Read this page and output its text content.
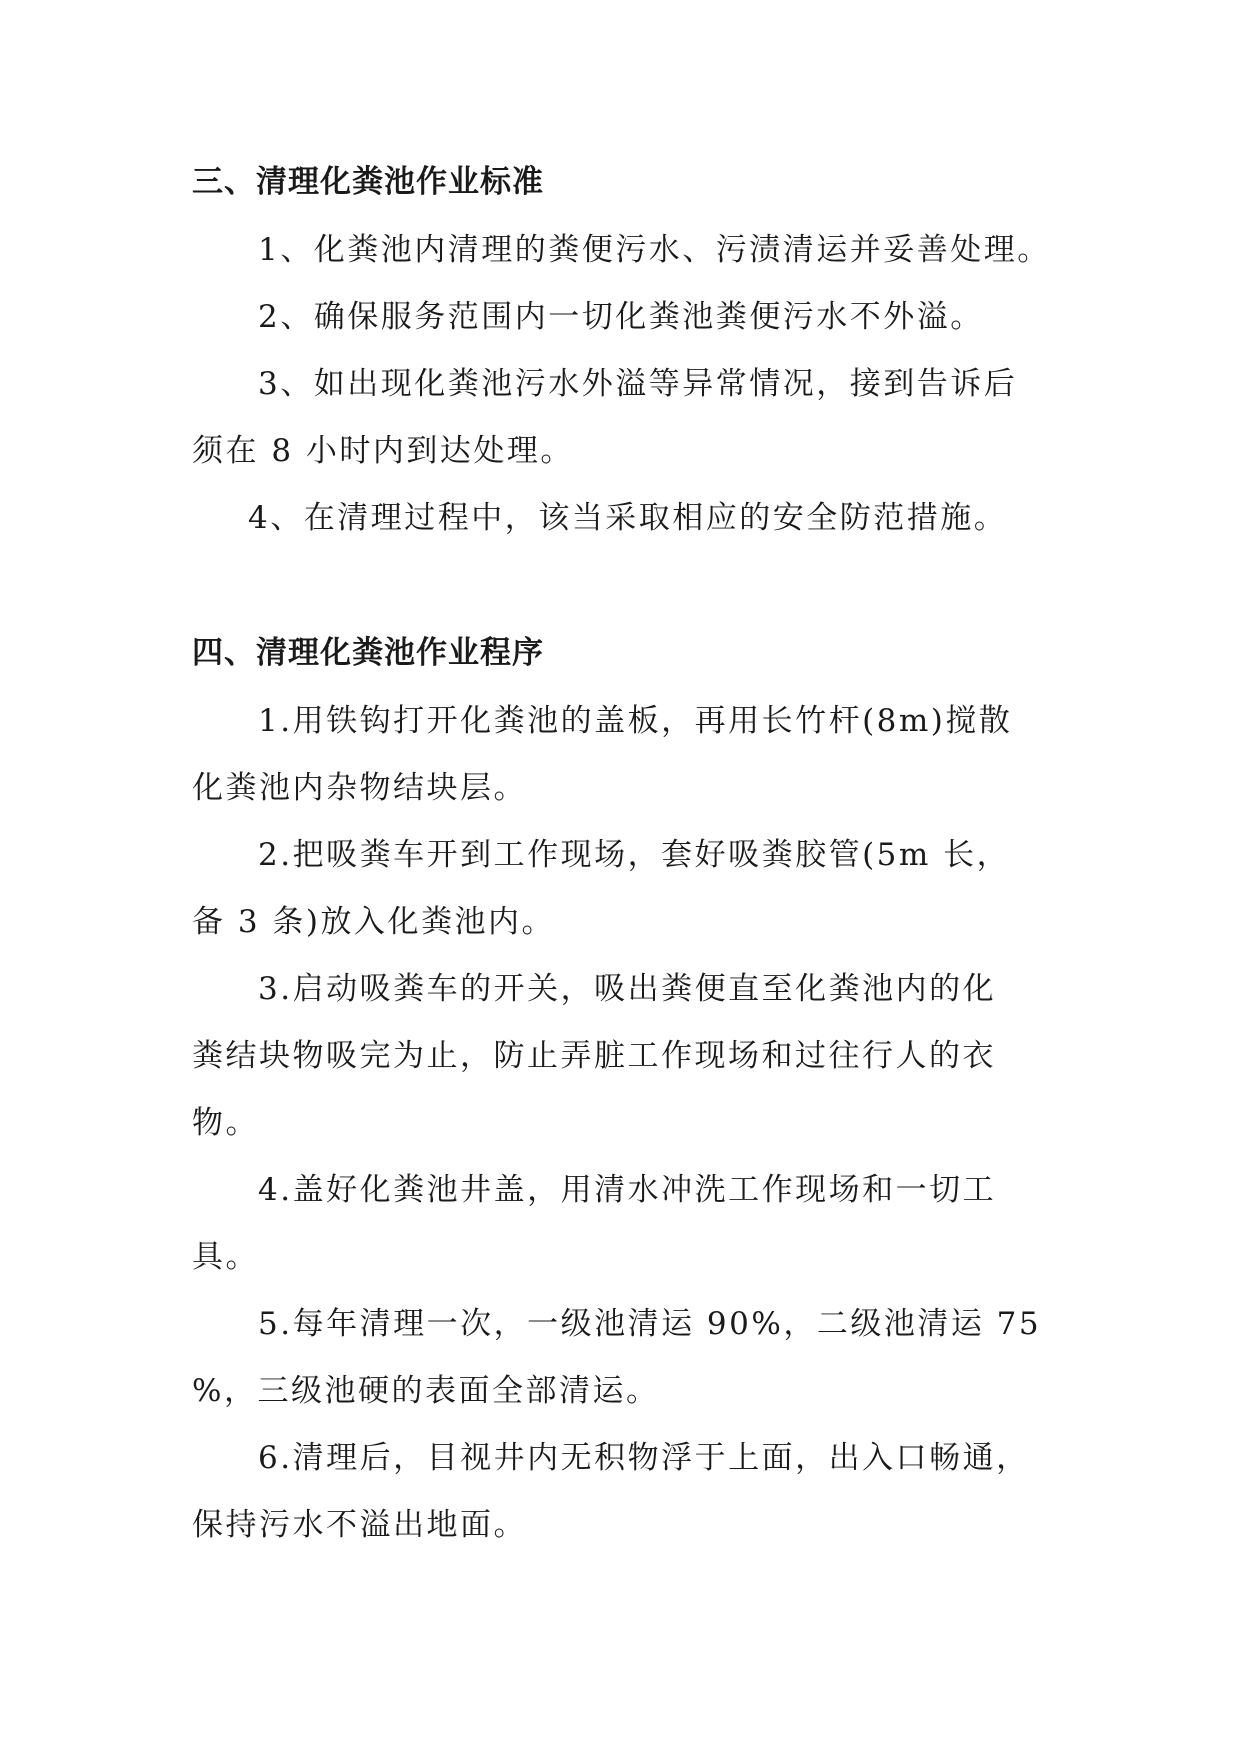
三、清理化粪池作业标准
1、化粪池内清理的粪便污水、污渍清运并妥善处理。
2、确保服务范围内一切化粪池粪便污水不外溢。
3、如出现化粪池污水外溢等异常情况，接到告诉后
须在 8 小时内到达处理。
4、在清理过程中，该当采取相应的安全防范措施。
四、清理化粪池作业程序
1.用铁钩打开化粪池的盖板，再用长竹杆(8m)搅散
化粪池内杂物结块层。
2.把吸粪车开到工作现场，套好吸粪胶管(5m 长，
备 3 条)放入化粪池内。
3.启动吸粪车的开关，吸出粪便直至化粪池内的化
粪结块物吸完为止，防止弄脏工作现场和过往行人的衣
物。
4.盖好化粪池井盖，用清水冲洗工作现场和一切工
具。
5.每年清理一次，一级池清运 90%，二级池清运 75
%，三级池硬的表面全部清运。
6.清理后，目视井内无积物浮于上面，出入口畅通，
保持污水不溢出地面。
